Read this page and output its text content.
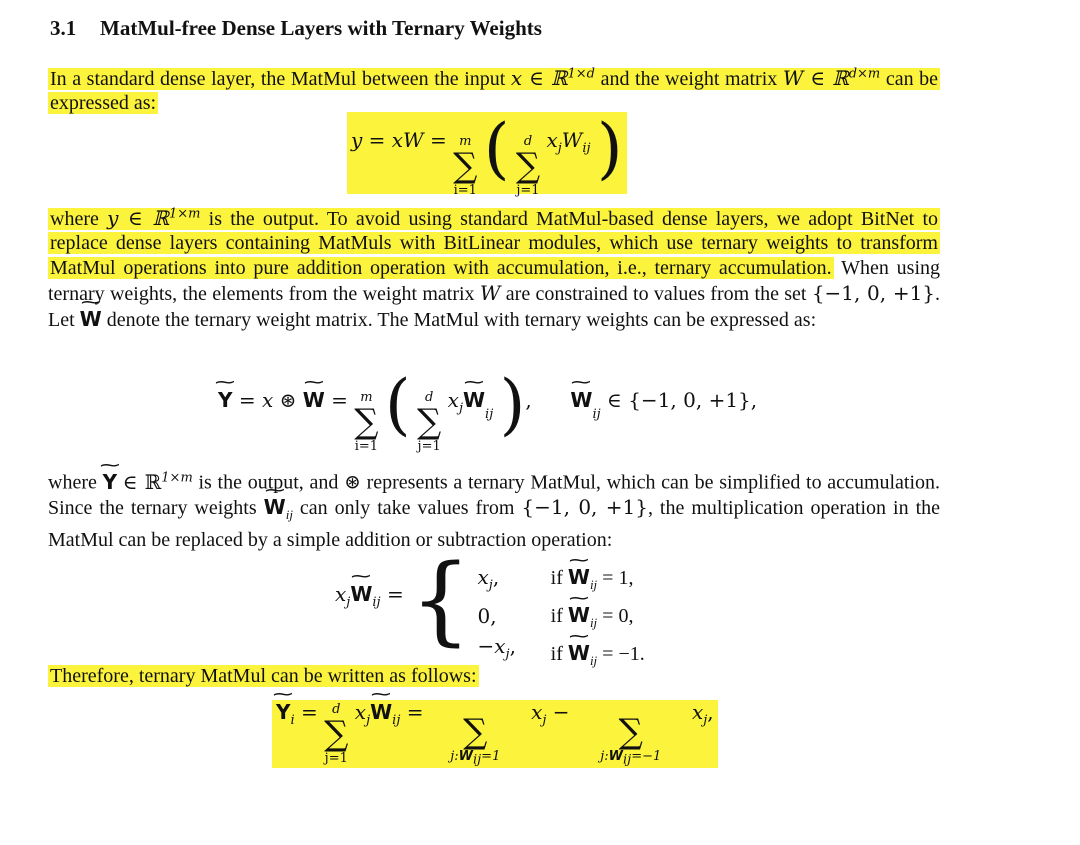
3.1 MatMul-free Dense Layers with Ternary Weights
In a standard dense layer, the MatMul between the input x ∈ ℝ$^{1\times d}$ and the weight matrix W ∈ ℝ$^{d\times m}$ can be expressed as:
y = xW = m
∑
i=1
(	d
∑
j=1
$x_jW_{ij}$ )
where y ∈ ℝ$^{1\times m}$ is the output. To avoid using standard MatMul-based dense layers, we adopt BitNet to replace dense layers containing MatMuls with BitLinear modules, which use ternary weights to transform MatMul operations into pure addition operation with accumulation, i.e., ternary accumulation. When using ternary weights, the elements from the weight matrix W are constrained to values from the set {−1, 0, +1}. Let ~ W denote the ternary weight matrix. The MatMul with ternary weights can be expressed as:
~ Y = x ⊛ ~ W = m
∑
i=1
(	d
∑
j=1
$x_j\sim$ $W_{ij}$ ), ~ $W_{ij}$ ∈ {−1, 0, +1},
where ~ Y ∈ ℝ$^{1\times m}$ is the output, and ⊛ represents a ternary MatMul, which can be simplified to accumulation. Since the ternary weights ~ $W_{ij}$ can only take values from {−1, 0, +1}, the multiplication operation in the MatMul can be replaced by a simple addition or subtraction operation:
$x_j\sim$ $W_{ij}$ = { $x_j$,
0,
$-x_j$,

if ~ $W_{ij} = 1$,
if ~ $W_{ij} = 0$,
if ~ $W_{ij} = -1$.
Therefore, ternary MatMul can be written as follows:
~ $Y_i$ =	d
∑
j=1
$x_j\sim$ $W_{ij}$ =
	∑
$j:W_{ij}=1$
$x_j$ −
	∑
$j:W_{ij}=-1$
$x_j$,
